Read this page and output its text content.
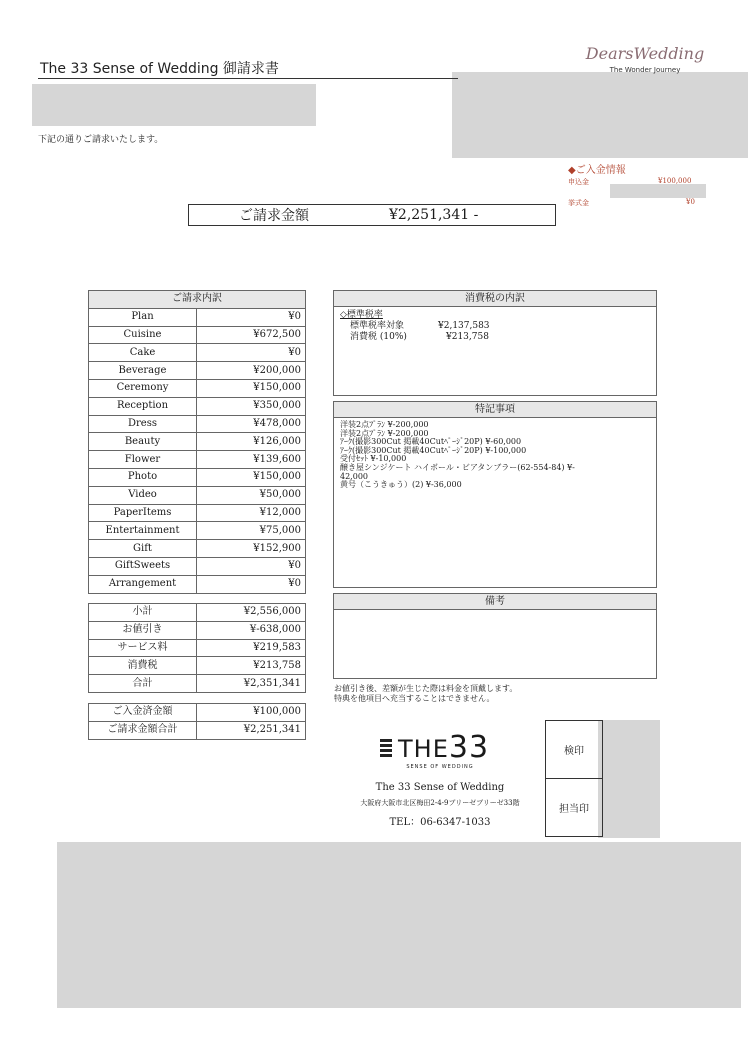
The 33 Sense of Wedding 御請求書
下記の通りご請求いたします。
DearsWedding
The Wonder Journey
◆ご入金情報
申込金	¥100,000
挙式金	¥0
ご請求金額	¥2,251,341 -
ご請求内訳	
Plan	¥0
Cuisine	¥672,500
Cake	¥0
Beverage	¥200,000
Ceremony	¥150,000
Reception	¥350,000
Dress	¥478,000
Beauty	¥126,000
Flower	¥139,600
Photo	¥150,000
Video	¥50,000
PaperItems	¥12,000
Entertainment	¥75,000
Gift	¥152,900
GiftSweets	¥0
Arrangement	¥0
小計	¥2,556,000
お値引き	¥-638,000
サービス料	¥219,583
消費税	¥213,758
合計	¥2,351,341
ご入金済金額	¥100,000
ご請求金額合計	¥2,251,341
消費税の内訳
◇標準税率
標準税率対象	¥2,137,583
消費税 (10%)	¥213,758
特記事項
洋装2点ﾌﾟﾗﾝ ¥-200,000
洋装2点ﾌﾟﾗﾝ ¥-200,000
ｱｰｸ(撮影300Cut 掲載40Cutﾍﾟｰｼﾞ20P) ¥-60,000
ｱｰｸ(撮影300Cut 掲載40Cutﾍﾟｰｼﾞ20P) ¥-100,000
受付ｾｯﾄ ¥-10,000
醸き屋シンジケート ハイボール・ビアタンブラー(62-554-84) ¥-
42,000
黄号（こうきゅう）(2) ¥-36,000
備考
お値引き後、差額が生じた際は料金を頂戴します。
特典を他項目へ充当することはできません。
THE33
SENSE OF WEDDING
The 33 Sense of Wedding
大阪府大阪市北区梅田2-4-9ブリーゼブリーゼ33階
TEL：06-6347-1033
検印
担当印
